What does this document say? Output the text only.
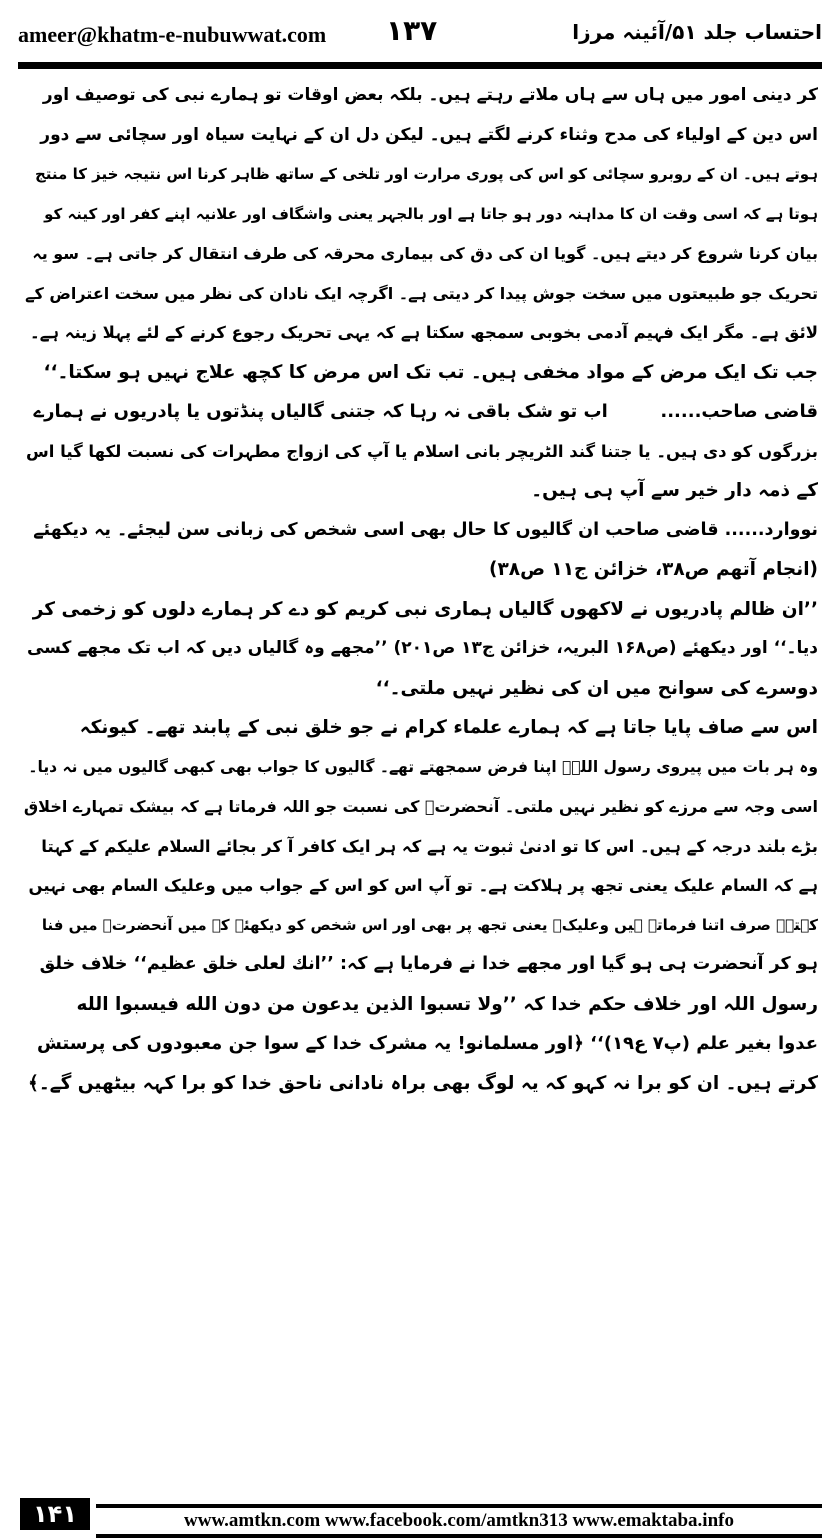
ameer@khatm-e-nubuwwat.com ۱۳۷	احتساب جلد ۵۱/آئینہ مرزا
کر دینی امور میں ہاں سے ہاں ملاتے رہتے ہیں۔ بلکہ بعض اوقات تو ہمارے نبی کی توصیف اور
اس دین کے اولیاء کی مدح وثناء کرنے لگتے ہیں۔ لیکن دل ان کے نہایت سیاہ اور سچائی سے دور
ہوتے ہیں۔ ان کے روبرو سچائی کو اس کی پوری مرارت اور تلخی کے ساتھ ظاہر کرنا اس نتیجہ خیز کا منتج
ہوتا ہے کہ اسی وقت ان کا مداہنہ دور ہو جاتا ہے اور بالجہر یعنی واشگاف اور علانیہ اپنے کفر اور کینہ کو
بیان کرنا شروع کر دیتے ہیں۔ گویا ان کی دق کی بیماری محرقہ کی طرف انتقال کر جاتی ہے۔ سو یہ
تحریک جو طبیعتوں میں سخت جوش پیدا کر دیتی ہے۔ اگرچہ ایک نادان کی نظر میں سخت اعتراض کے
لائق ہے۔ مگر ایک فہیم آدمی بخوبی سمجھ سکتا ہے کہ یہی تحریک رجوع کرنے کے لئے پہلا زینہ ہے۔
جب تک ایک مرض کے مواد مخفی ہیں۔ تب تک اس مرض کا کچھ علاج نہیں ہو سکتا۔‘‘
قاضی صاحب......  اب تو شک باقی نہ رہا کہ جتنی گالیاں پنڈتوں یا پادریوں نے ہمارے
بزرگوں کو دی ہیں۔ یا جتنا گند الٹریچر بانی اسلام یا آپ کی ازواج مطہرات کی نسبت لکھا گیا اس
کے ذمہ دار خیر سے آپ ہی ہیں۔
نووارد...... قاضی صاحب ان گالیوں کا حال بھی اسی شخص کی زبانی سن لیجئے۔ یہ دیکھئے
(انجام آتھم ص۳۸، خزائن ج۱۱ ص۳۸)
’’ان ظالم پادریوں نے لاکھوں گالیاں ہماری نبی کریم کو دے کر ہمارے دلوں کو زخمی کر
دیا۔‘‘ اور دیکھئے (ص۱۶۸ البریہ، خزائن ج۱۳ ص۲۰۱) ’’مجھے وہ گالیاں دیں کہ اب تک مجھے کسی
دوسرے کی سوانح میں ان کی نظیر نہیں ملتی۔‘‘
اس سے صاف پایا جاتا ہے کہ ہمارے علماء کرام نے جو خلق نبی کے پابند تھے۔ کیونکہ
وہ ہر بات میں پیروی رسول اللہؐ اپنا فرض سمجھتے تھے۔ گالیوں کا جواب بھی کبھی گالیوں میں نہ دیا۔
اسی وجہ سے مرزے کو نظیر نہیں ملتی۔ آنحضرتؐ کی نسبت جو اللہ فرماتا ہے کہ بیشک تمہارے اخلاق
بڑے بلند درجہ کے ہیں۔ اس کا تو ادنیٰ ثبوت یہ ہے کہ ہر ایک کافر آ کر بجائے السلام علیکم کے کہتا
ہے کہ السام علیک یعنی تجھ پر ہلاکت ہے۔ تو آپ اس کو اس کے جواب میں وعلیک السام بھی نہیں
کہتے۔ صرف اتنا فرماتے ہیں وعلیک۔ یعنی تجھ پر بھی اور اس شخص کو دیکھئے کہ میں آنحضرتؐ میں فنا
ہو کر آنحضرت ہی ہو گیا اور مجھے خدا نے فرمایا ہے کہ: ’’انك لعلی خلق عظیم‘‘ خلاف خلق
رسول اللہ اور خلاف حکم خدا کہ ’’ولا تسبوا الذین یدعون من دون الله فیسبوا الله
عدوا بغیر علم (پ۷ ع۱۹)‘‘ ﴿اور مسلمانو! یہ مشرک خدا کے سوا جن معبودوں کی پرستش
کرتے ہیں۔ ان کو برا نہ کہو کہ یہ لوگ بھی براہ نادانی ناحق خدا کو برا کہہ بیٹھیں گے۔﴾
۱۴۱	www.amtkn.com www.facebook.com/amtkn313 www.emaktaba.info
